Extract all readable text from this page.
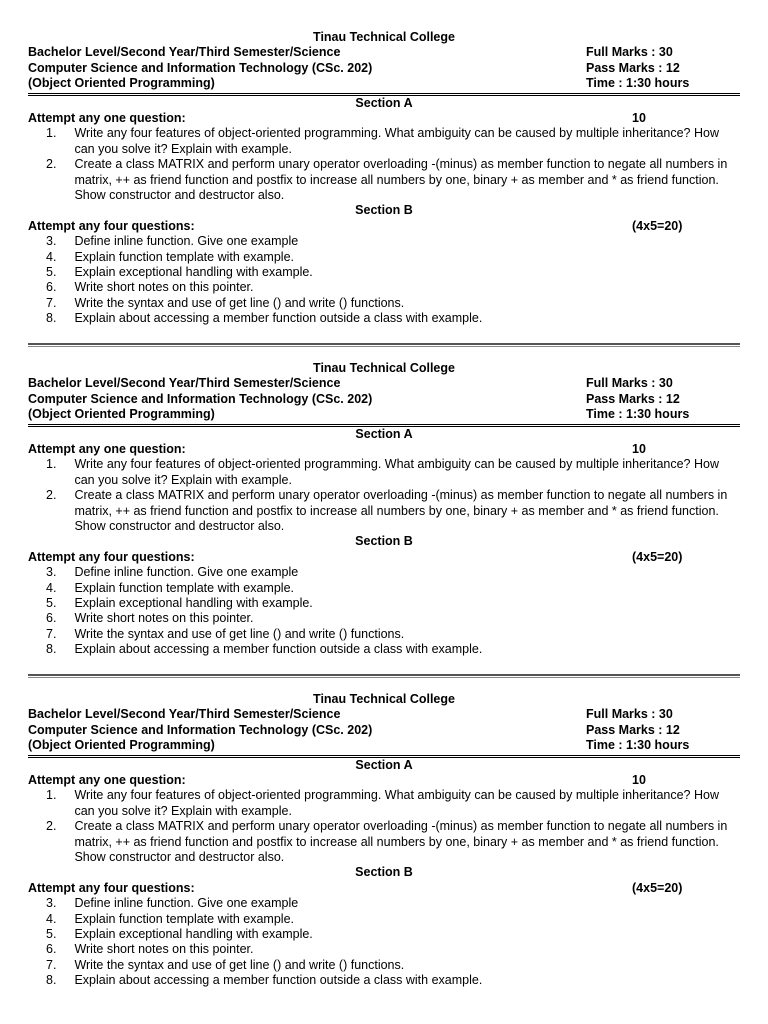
Tinau Technical College
Bachelor Level/Second Year/Third Semester/Science	Full Marks : 30
Computer Science and Information Technology (CSc. 202)	Pass Marks : 12
(Object Oriented Programming)	Time : 1:30 hours
Section A
Attempt any one question:	10
1.	Write any four features of object-oriented programming. What ambiguity can be caused by multiple inheritance? How can you solve it? Explain with example.
2.	Create a class MATRIX and perform unary operator overloading -(minus) as member function to negate all numbers in matrix, ++ as friend function and postfix to increase all numbers by one, binary + as member and * as friend function. Show constructor and destructor also.
Section B
Attempt any four questions:	(4x5=20)
3.	Define inline function. Give one example
4.	Explain function template with example.
5.	Explain exceptional handling with example.
6.	Write short notes on this pointer.
7.	Write the syntax and use of get line () and write () functions.
8.	Explain about accessing a member function outside a class with example.
Tinau Technical College
Bachelor Level/Second Year/Third Semester/Science	Full Marks : 30
Computer Science and Information Technology (CSc. 202)	Pass Marks : 12
(Object Oriented Programming)	Time : 1:30 hours
Section A
Attempt any one question:	10
1.	Write any four features of object-oriented programming. What ambiguity can be caused by multiple inheritance? How can you solve it? Explain with example.
2.	Create a class MATRIX and perform unary operator overloading -(minus) as member function to negate all numbers in matrix, ++ as friend function and postfix to increase all numbers by one, binary + as member and * as friend function. Show constructor and destructor also.
Section B
Attempt any four questions:	(4x5=20)
3.	Define inline function. Give one example
4.	Explain function template with example.
5.	Explain exceptional handling with example.
6.	Write short notes on this pointer.
7.	Write the syntax and use of get line () and write () functions.
8.	Explain about accessing a member function outside a class with example.
Tinau Technical College
Bachelor Level/Second Year/Third Semester/Science	Full Marks : 30
Computer Science and Information Technology (CSc. 202)	Pass Marks : 12
(Object Oriented Programming)	Time : 1:30 hours
Section A
Attempt any one question:	10
1.	Write any four features of object-oriented programming. What ambiguity can be caused by multiple inheritance? How can you solve it? Explain with example.
2.	Create a class MATRIX and perform unary operator overloading -(minus) as member function to negate all numbers in matrix, ++ as friend function and postfix to increase all numbers by one, binary + as member and * as friend function. Show constructor and destructor also.
Section B
Attempt any four questions:	(4x5=20)
3.	Define inline function. Give one example
4.	Explain function template with example.
5.	Explain exceptional handling with example.
6.	Write short notes on this pointer.
7.	Write the syntax and use of get line () and write () functions.
8.	Explain about accessing a member function outside a class with example.
